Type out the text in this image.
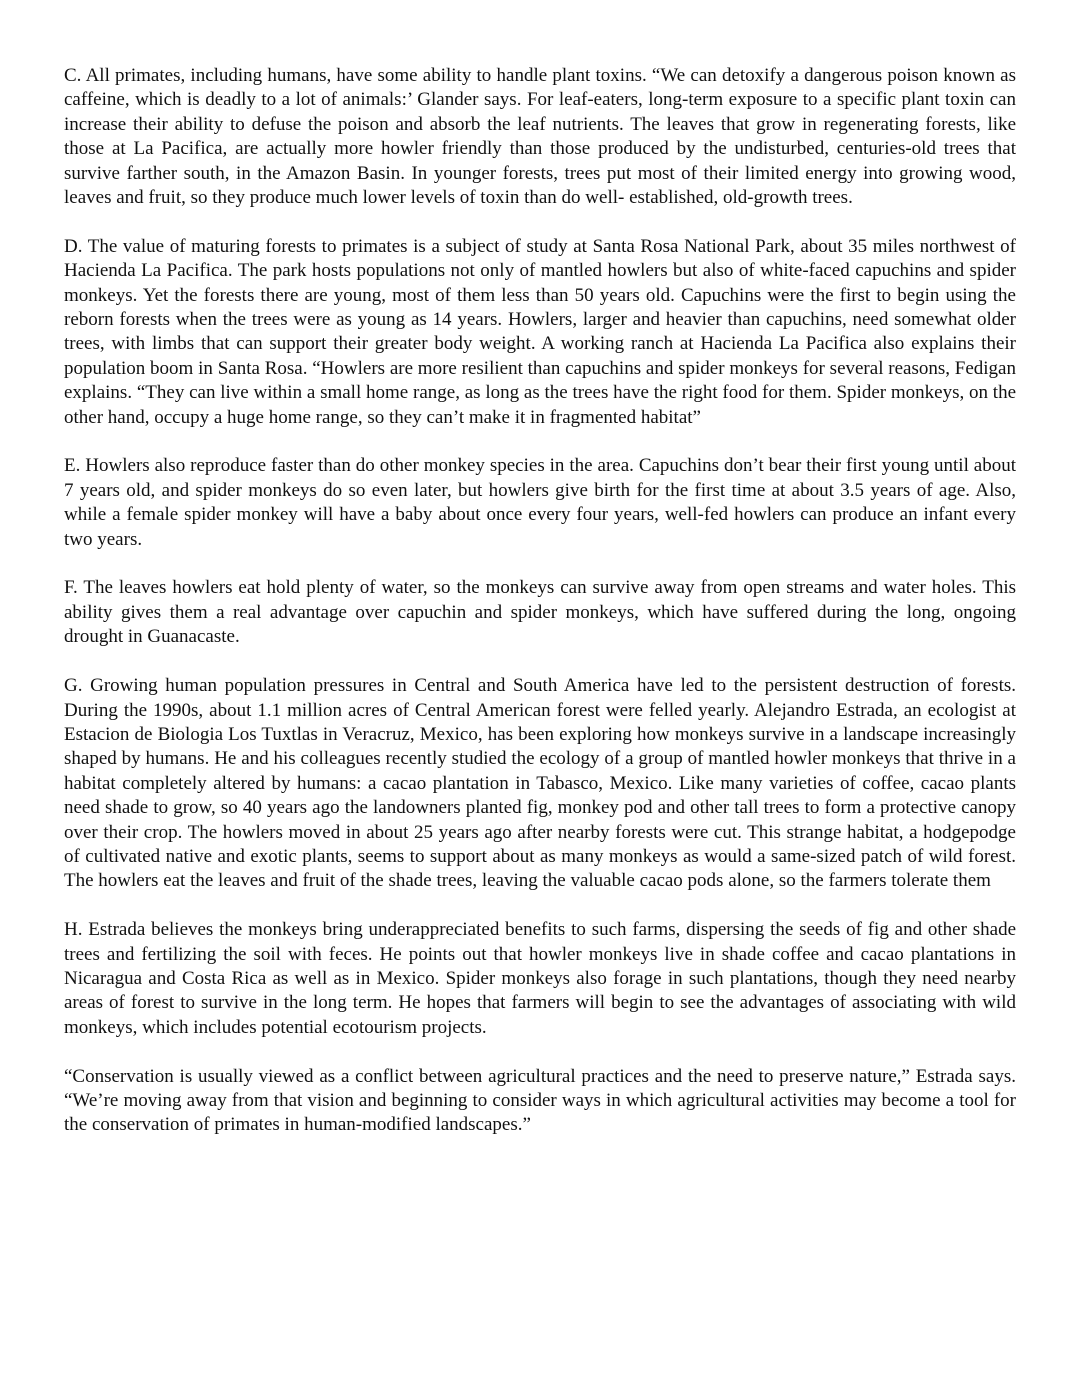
C. All primates, including humans, have some ability to handle plant toxins. “We can detoxify a dangerous poison known as caffeine, which is deadly to a lot of animals:’ Glander says. For leaf-eaters, long-term exposure to a specific plant toxin can increase their ability to defuse the poison and absorb the leaf nutrients. The leaves that grow in regenerating forests, like those at La Pacifica, are actually more howler friendly than those produced by the undisturbed, centuries-old trees that survive farther south, in the Amazon Basin. In younger forests, trees put most of their limited energy into growing wood, leaves and fruit, so they produce much lower levels of toxin than do well- established, old-growth trees.

D. The value of maturing forests to primates is a subject of study at Santa Rosa National Park, about 35 miles northwest of Hacienda La Pacifica. The park hosts populations not only of mantled howlers but also of white-faced capuchins and spider monkeys. Yet the forests there are young, most of them less than 50 years old. Capuchins were the first to begin using the reborn forests when the trees were as young as 14 years. Howlers, larger and heavier than capuchins, need somewhat older trees, with limbs that can support their greater body weight. A working ranch at Hacienda La Pacifica also explains their population boom in Santa Rosa. “Howlers are more resilient than capuchins and spider monkeys for several reasons, Fedigan explains. “They can live within a small home range, as long as the trees have the right food for them. Spider monkeys, on the other hand, occupy a huge home range, so they can’t make it in fragmented habitat”

E. Howlers also reproduce faster than do other monkey species in the area. Capuchins don’t bear their first young until about 7 years old, and spider monkeys do so even later, but howlers give birth for the first time at about 3.5 years of age. Also, while a female spider monkey will have a baby about once every four years, well-fed howlers can produce an infant every two years.

F. The leaves howlers eat hold plenty of water, so the monkeys can survive away from open streams and water holes. This ability gives them a real advantage over capuchin and spider monkeys, which have suffered during the long, ongoing drought in Guanacaste.

G. Growing human population pressures in Central and South America have led to the persistent destruction of forests. During the 1990s, about 1.1 million acres of Central American forest were felled yearly. Alejandro Estrada, an ecologist at Estacion de Biologia Los Tuxtlas in Veracruz, Mexico, has been exploring how monkeys survive in a landscape increasingly shaped by humans. He and his colleagues recently studied the ecology of a group of mantled howler monkeys that thrive in a habitat completely altered by humans: a cacao plantation in Tabasco, Mexico. Like many varieties of coffee, cacao plants need shade to grow, so 40 years ago the landowners planted fig, monkey pod and other tall trees to form a protective canopy over their crop. The howlers moved in about 25 years ago after nearby forests were cut. This strange habitat, a hodgepodge of cultivated native and exotic plants, seems to support about as many monkeys as would a same-sized patch of wild forest. The howlers eat the leaves and fruit of the shade trees, leaving the valuable cacao pods alone, so the farmers tolerate them

H. Estrada believes the monkeys bring underappreciated benefits to such farms, dispersing the seeds of fig and other shade trees and fertilizing the soil with feces. He points out that howler monkeys live in shade coffee and cacao plantations in Nicaragua and Costa Rica as well as in Mexico. Spider monkeys also forage in such plantations, though they need nearby areas of forest to survive in the long term. He hopes that farmers will begin to see the advantages of associating with wild monkeys, which includes potential ecotourism projects.

“Conservation is usually viewed as a conflict between agricultural practices and the need to preserve nature,” Estrada says. “We’re moving away from that vision and beginning to consider ways in which agricultural activities may become a tool for the conservation of primates in human-modified landscapes.”
